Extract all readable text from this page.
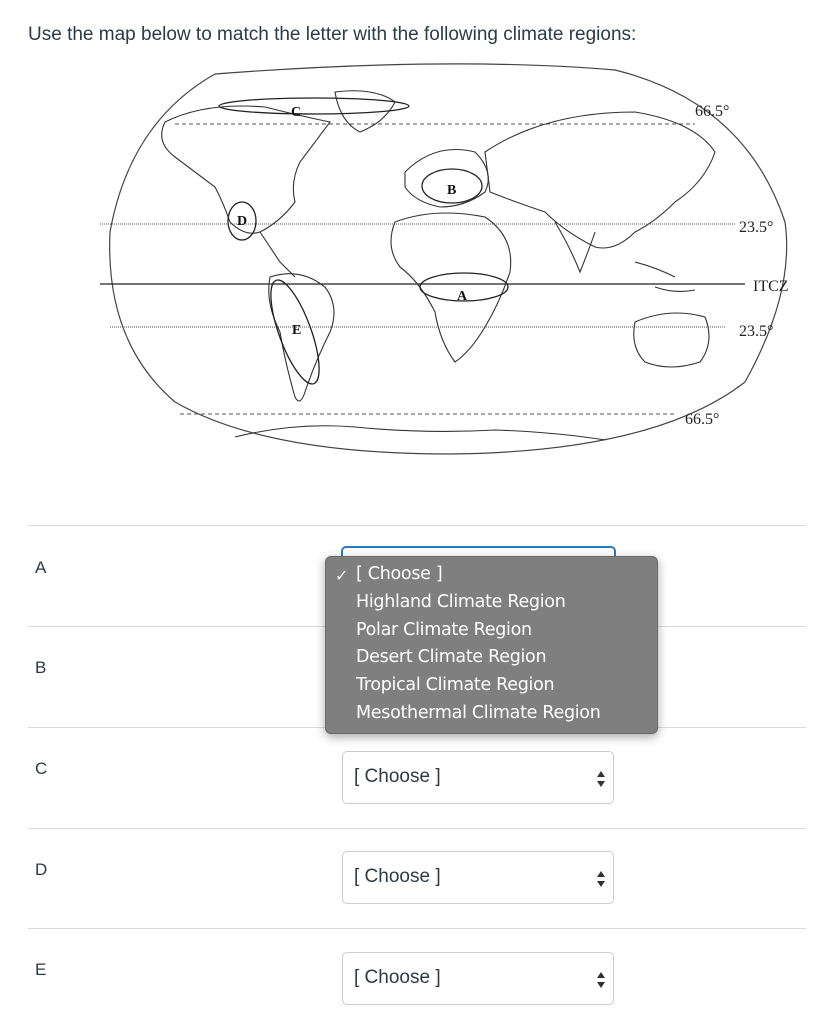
Use the map below to match the letter with the following climate regions:
A
B
C
D
E
66.5°
23.5°
ITCZ
23.5°
66.5°
A
B
C
D
E
[ Choose ]
[ Choose ]
[ Choose ]
✓ [ Choose ]
Highland Climate Region
Polar Climate Region
Desert Climate Region
Tropical Climate Region
Mesothermal Climate Region
